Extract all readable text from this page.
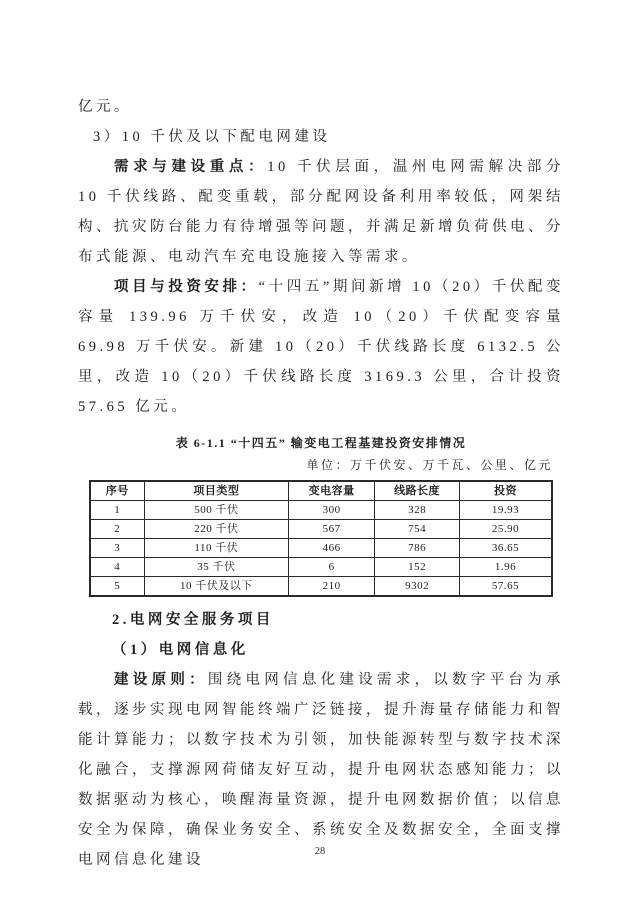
亿元。

3）10 千伏及以下配电网建设

需求与建设重点：10 千伏层面，温州电网需解决部分 10 千伏线路、配变重载，部分配网设备利用率较低，网架结构、抗灾防台能力有待增强等问题，并满足新增负荷供电、分布式能源、电动汽车充电设施接入等需求。

项目与投资安排：“十四五”期间新增 10（20）千伏配变容量 139.96 万千伏安，改造 10（20）千伏配变容量 69.98 万千伏安。新建 10（20）千伏线路长度 6132.5 公里，改造 10（20）千伏线路长度 3169.3 公里，合计投资 57.65 亿元。

表 6-1.1 “十四五” 输变电工程基建投资安排情况
单位：万千伏安、万千瓦、公里、亿元
序号	项目类型	变电容量	线路长度	投资
1	500 千伏	300	328	19.93
2	220 千伏	567	754	25.90
3	110 千伏	466	786	36.65
4	35 千伏	6	152	1.96
5	10 千伏及以下	210	9302	57.65

2.电网安全服务项目

（1）电网信息化

建设原则：围绕电网信息化建设需求，以数字平台为承载，逐步实现电网智能终端广泛链接，提升海量存储能力和智能计算能力；以数字技术为引领，加快能源转型与数字技术深化融合，支撑源网荷储友好互动，提升电网状态感知能力；以数据驱动为核心，唤醒海量资源，提升电网数据价值；以信息安全为保障，确保业务安全、系统安全及数据安全，全面支撑电网信息化建设

28
